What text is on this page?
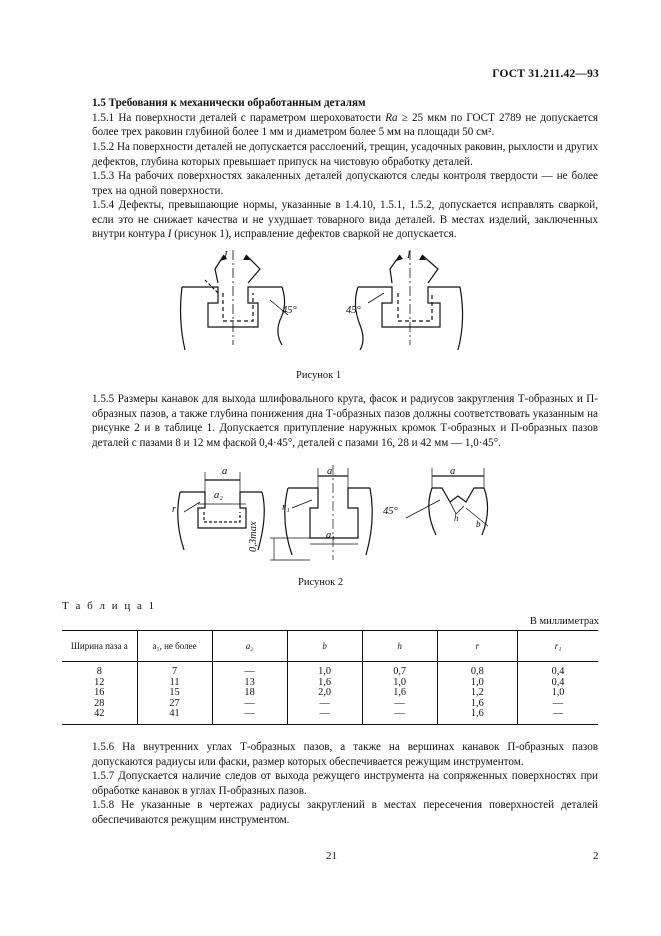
ГОСТ 31.211.42—93
1.5 Требования к механически обработанным деталям
1.5.1 На поверхности деталей с параметром шероховатости Ra ≥ 25 мкм по ГОСТ 2789 не допускается более трех раковин глубиной более 1 мм и диаметром более 5 мм на площади 50 см².
1.5.2 На поверхности деталей не допускается расслоений, трещин, усадочных раковин, рыхлости и других дефектов, глубина которых превышает припуск на чистовую обработку деталей.
1.5.3 На рабочих поверхностях закаленных деталей допускаются следы контроля твердости — не более трех на одной поверхности.
1.5.4 Дефекты, превышающие нормы, указанные в 1.4.10, 1.5.1, 1.5.2, допускается исправлять сваркой, если это не снижает качества и не ухудшает товарного вида деталей. В местах изделий, заключенных внутри контура I (рисунок 1), исправление дефектов сваркой не допускается.
I	I
45°	45°
Рисунок 1
1.5.5 Размеры канавок для выхода шлифовального круга, фасок и радиусов закругления Т-образных и П-образных пазов, а также глубина понижения дна Т-образных пазов должны соответствовать указанным на рисунке 2 и в таблице 1. Допускается притупление наружных кромок Т-образных и П-образных пазов деталей с пазами 8 и 12 мм фаской 0,4·45°, деталей с пазами 16, 28 и 42 мм — 1,0·45°.
a
a₂
r
a
r₁
a₁
0,3max
a
45°
h
b
Рисунок 2
Т а б л и ц а 1
В миллиметрах
Ширина паза a	a₁, не более	a₂	b	h	r	r₁
8	7	—	1,0	0,7	0,8	0,4
12	11	13	1,6	1,0	1,0	0,4
16	15	18	2,0	1,6	1,2	1,0
28	27	—	—	—	1,6	—
42	41	—	—	—	1,6	—
1.5.6 На внутренних углах Т-образных пазов, а также на вершинах канавок П-образных пазов допускаются радиусы или фаски, размер которых обеспечивается режущим инструментом.
1.5.7 Допускается наличие следов от выхода режущего инструмента на сопряженных поверхностях при обработке канавок в углах П-образных пазов.
1.5.8 Не указанные в чертежах радиусы закруглений в местах пересечения поверхностей деталей обеспечиваются режущим инструментом.
21	2
